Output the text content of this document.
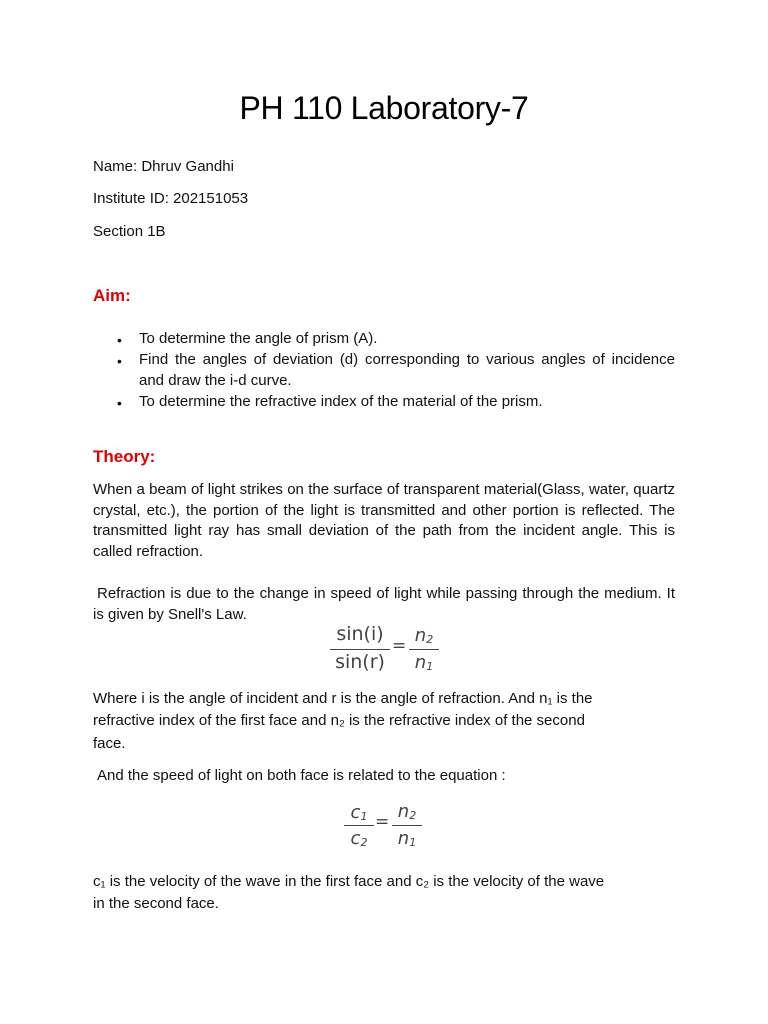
PH 110 Laboratory-7
Name: Dhruv Gandhi
Institute ID: 202151053
Section 1B
Aim:
•	To determine the angle of prism (A).
•	Find the angles of deviation (d) corresponding to various angles of incidence and draw the i-d curve.
•	To determine the refractive index of the material of the prism.
Theory:
When a beam of light strikes on the surface of transparent material(Glass, water, quartz crystal, etc.), the portion of the light is transmitted and other portion is reflected. The transmitted light ray has small deviation of the path from the incident angle. This is called refraction.
Refraction is due to the change in speed of light while passing through the medium. It is given by Snell's Law.
sin(i)
sin(r)
= $n_2$
$n_1$
Where i is the angle of incident and r is the angle of refraction. And n₁ is the
refractive index of the first face and n₂ is the refractive index of the second
face.
And the speed of light on both face is related to the equation :
$c_1$
$c_2$
= $n_2$
$n_1$
c₁ is the velocity of the wave in the first face and c₂ is the velocity of the wave
in the second face.
